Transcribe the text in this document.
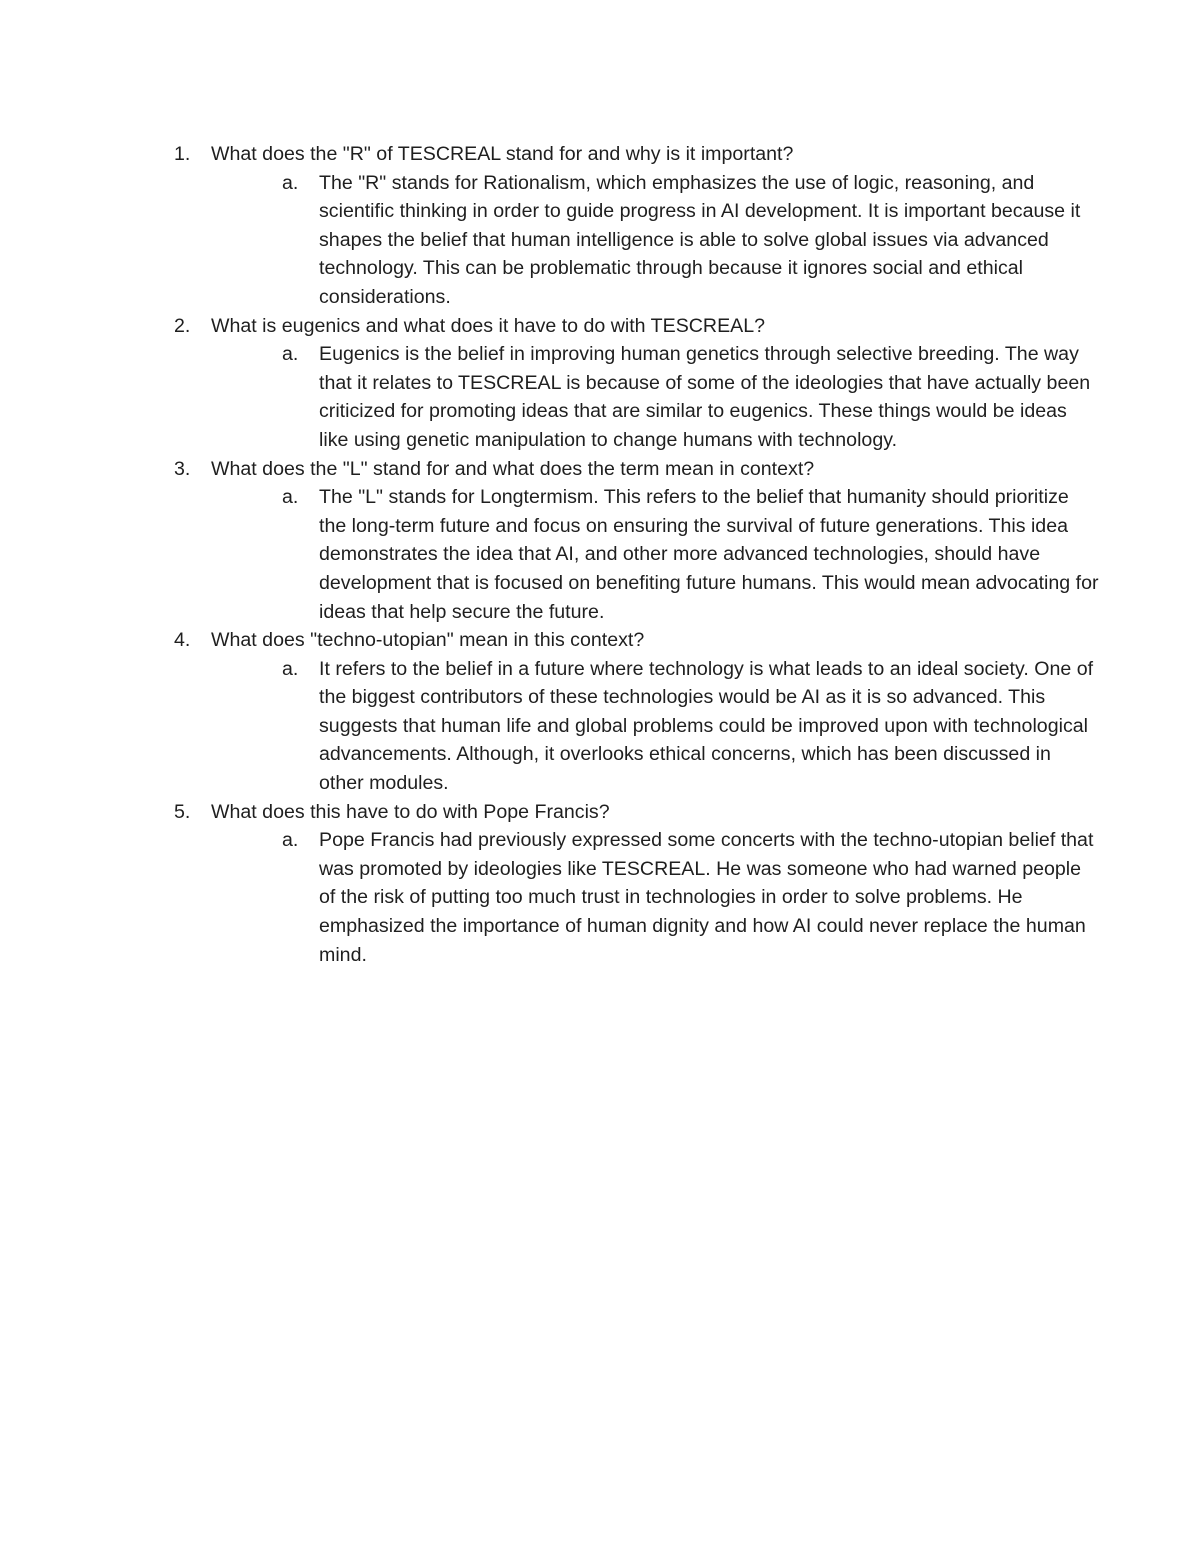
1. What does the "R" of TESCREAL stand for and why is it important?
a. The "R" stands for Rationalism, which emphasizes the use of logic, reasoning, and scientific thinking in order to guide progress in AI development. It is important because it shapes the belief that human intelligence is able to solve global issues via advanced technology. This can be problematic through because it ignores social and ethical considerations.
2. What is eugenics and what does it have to do with TESCREAL?
a. Eugenics is the belief in improving human genetics through selective breeding. The way that it relates to TESCREAL is because of some of the ideologies that have actually been criticized for promoting ideas that are similar to eugenics. These things would be ideas like using genetic manipulation to change humans with technology.
3. What does the "L" stand for and what does the term mean in context?
a. The "L" stands for Longtermism. This refers to the belief that humanity should prioritize the long-term future and focus on ensuring the survival of future generations. This idea demonstrates the idea that AI, and other more advanced technologies, should have development that is focused on benefiting future humans. This would mean advocating for ideas that help secure the future.
4. What does "techno-utopian" mean in this context?
a. It refers to the belief in a future where technology is what leads to an ideal society. One of the biggest contributors of these technologies would be AI as it is so advanced. This suggests that human life and global problems could be improved upon with technological advancements. Although, it overlooks ethical concerns, which has been discussed in other modules.
5. What does this have to do with Pope Francis?
a. Pope Francis had previously expressed some concerts with the techno-utopian belief that was promoted by ideologies like TESCREAL. He was someone who had warned people of the risk of putting too much trust in technologies in order to solve problems. He emphasized the importance of human dignity and how AI could never replace the human mind.
